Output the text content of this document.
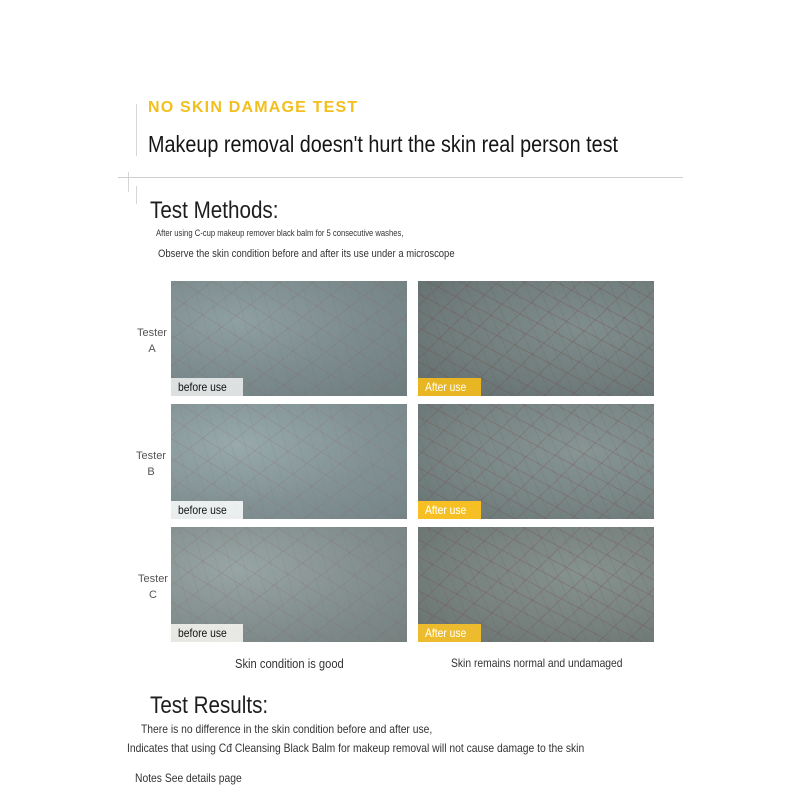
NO SKIN DAMAGE TEST
Makeup removal doesn't hurt the skin real person test
Test Methods:
After using C-cup makeup remover black balm for 5 consecutive washes,
Observe the skin condition before and after its use under a microscope
Tester
A
before use	After use
Tester
B
before use	After use
Tester
C
before use	After use
Skin condition is good	Skin remains normal and undamaged
Test Results:
There is no difference in the skin condition before and after use,
Indicates that using Cđ Cleansing Black Balm for makeup removal will not cause damage to the skin
Notes See details page
